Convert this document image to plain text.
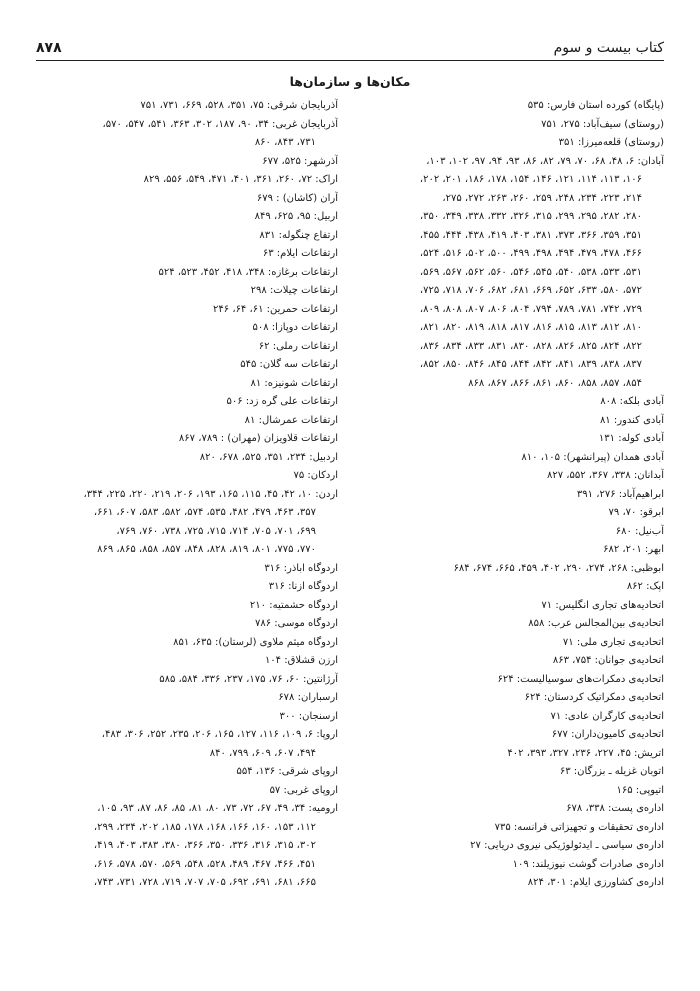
کتاب بیست و سوم
۸۷۸
مکان‌ها و سازمان‌ها
(پایگاه) کورده استان فارس: ۵۳۵
(روستای) سیف‌آباد: ۲۷۵، ۷۵۱
(روستای) قلعه‌میرزا: ۳۵۱
آبادان: ۶، ۴۸، ۶۸، ۷۰، ۷۹، ۸۲، ۸۶، ۹۳، ۹۴، ۹۷، ۱۰۲، ۱۰۳،
۱۰۶، ۱۱۳، ۱۱۴، ۱۲۱، ۱۴۶، ۱۵۴، ۱۷۸، ۱۸۶، ۲۰۱، ۲۰۲،
۲۱۴، ۲۲۳، ۲۳۴، ۲۴۸، ۲۵۹، ۲۶۰، ۲۶۳، ۲۷۲، ۲۷۵،
۲۸۰، ۲۸۲، ۲۹۵، ۲۹۹، ۳۱۵، ۳۲۶، ۳۳۲، ۳۳۸، ۳۴۹، ۳۵۰،
۳۵۱، ۳۵۹، ۳۶۶، ۳۷۳، ۳۸۱، ۴۰۳، ۴۱۹، ۴۳۸، ۴۴۴، ۴۵۵،
۴۶۶، ۴۷۸، ۴۷۹، ۴۹۴، ۴۹۸، ۴۹۹، ۵۰۰، ۵۰۲، ۵۱۶، ۵۲۴،
۵۳۱، ۵۳۳، ۵۳۸، ۵۴۰، ۵۴۵، ۵۴۶، ۵۶۰، ۵۶۲، ۵۶۷، ۵۶۹،
۵۷۲، ۵۸۰، ۶۳۳، ۶۵۲، ۶۶۹، ۶۸۱، ۶۸۲، ۷۰۶، ۷۱۸، ۷۲۵،
۷۲۹، ۷۴۲، ۷۸۱، ۷۸۹، ۷۹۴، ۸۰۴، ۸۰۶، ۸۰۷، ۸۰۸، ۸۰۹،
۸۱۰، ۸۱۲، ۸۱۳، ۸۱۵، ۸۱۶، ۸۱۷، ۸۱۸، ۸۱۹، ۸۲۰، ۸۲۱،
۸۲۲، ۸۲۴، ۸۲۵، ۸۲۶، ۸۲۸، ۸۳۰، ۸۳۱، ۸۳۳، ۸۳۴، ۸۳۶،
۸۳۷، ۸۳۸، ۸۳۹، ۸۴۱، ۸۴۲، ۸۴۴، ۸۴۵، ۸۴۶، ۸۵۰، ۸۵۲،
۸۵۴، ۸۵۷، ۸۵۸، ۸۶۰، ۸۶۱، ۸۶۶، ۸۶۷، ۸۶۸
آبادی بلکه: ۸۰۸
آبادی کندور: ۸۱
آبادی کوله: ۱۳۱
آبادی همدان (پیرانشهر): ۱۰۵، ۸۱۰
آبدانان: ۳۳۸، ۳۶۷، ۵۵۲، ۸۲۷
ابراهیم‌آباد: ۲۷۶، ۳۹۱
ابرقو: ۷۰، ۷۹
آب‌نیل: ۶۸۰
ابهر: ۲۰۱، ۶۸۲
ابوظبی: ۲۶۸، ۲۷۴، ۲۹۰، ۴۰۲، ۴۵۹، ۶۶۵، ۶۷۴، ۶۸۴
اپک: ۸۶۲
اتحادیه‌های تجاری انگلیس: ۷۱
اتحادیه‌ی بین‌المجالس عرب: ۸۵۸
اتحادیه‌ی تجاری ملی: ۷۱
اتحادیه‌ی جوانان: ۷۵۴، ۸۶۳
اتحادیه‌ی دمکرات‌های سوسیالیست: ۶۲۴
اتحادیه‌ی دمکراتیک کردستان: ۶۲۴
اتحادیه‌ی کارگران عادی: ۷۱
اتحادیه‌ی کامیون‌داران: ۶۷۷
اتریش: ۴۵، ۲۲۷، ۲۳۶، ۳۲۷، ۳۹۳، ۴۰۲
اتوبان غزیله ـ بزرگان: ۶۳
اتیوپی: ۱۶۵
اداره‌ی پست: ۳۳۸، ۶۷۸
اداره‌ی تحقیقات و تجهیزاتی فرانسه: ۷۳۵
اداره‌ی سیاسی ـ ایدئولوژیکی نیروی دریایی: ۲۷
اداره‌ی صادرات گوشت نیوزیلند: ۱۰۹
اداره‌ی کشاورزی ایلام: ۳۰۱، ۸۲۴
آذربایجان شرقی: ۷۵، ۳۵۱، ۵۲۸، ۶۶۹، ۷۳۱، ۷۵۱
آذربایجان غربی: ۳۴، ۹۰، ۱۸۷، ۳۰۲، ۳۶۳، ۵۴۱، ۵۴۷، ۵۷۰،
۷۳۱، ۸۴۳، ۸۶۰
آذرشهر: ۵۲۵، ۶۷۷
اراک: ۷۲، ۲۶۰، ۳۶۱، ۴۰۱، ۴۷۱، ۵۴۹، ۵۵۶، ۸۲۹
آران (کاشان) : ۶۷۹
اربیل: ۹۵، ۶۲۵، ۸۴۹
ارتفاع چنگوله: ۸۳۱
ارتفاعات ایلام: ۶۳
ارتفاعات برغازه: ۳۴۸، ۴۱۸، ۴۵۲، ۵۲۳، ۵۲۴
ارتفاعات چیلات: ۲۹۸
ارتفاعات حمرین: ۶۱، ۶۴، ۲۴۶
ارتفاعات دوپازا: ۵۰۸
ارتفاعات رملی: ۶۲
ارتفاعات سه گلان: ۵۴۵
ارتفاعات شونیزه: ۸۱
ارتفاعات علی گره زد: ۵۰۶
ارتفاعات عمرشال: ۸۱
ارتفاعات قلاویزان (مهران) : ۷۸۹، ۸۶۷
اردبیل: ۲۳۴، ۳۵۱، ۵۲۵، ۶۷۸، ۸۲۰
اردکان: ۷۵
اردن: ۱۰، ۴۲، ۴۵، ۱۱۵، ۱۶۵، ۱۹۳، ۲۰۶، ۲۱۹، ۲۲۰، ۲۲۵، ۳۴۴،
۳۵۷، ۴۶۳، ۴۷۹، ۴۸۲، ۵۳۵، ۵۷۴، ۵۸۲، ۵۸۳، ۶۰۷، ۶۶۱،
۶۹۹، ۷۰۱، ۷۰۵، ۷۱۴، ۷۱۵، ۷۲۵، ۷۳۸، ۷۶۰، ۷۶۹،
۷۷۰، ۷۷۵، ۸۰۱، ۸۱۹، ۸۲۸، ۸۴۸، ۸۵۷، ۸۵۸، ۸۶۵، ۸۶۹
اردوگاه اباذر: ۳۱۶
اردوگاه ازنا: ۳۱۶
اردوگاه حشمتیه: ۲۱۰
اردوگاه موسی: ۷۸۶
اردوگاه میثم ملاوی (لرستان): ۶۳۵، ۸۵۱
ارزن قشلاق: ۱۰۴
آرژانتین: ۶۰، ۷۶، ۱۷۵، ۲۳۷، ۳۳۶، ۵۸۴، ۵۸۵
ارسباران: ۶۷۸
ارسنجان: ۳۰۰
اروپا: ۶، ۱۰۹، ۱۱۶، ۱۲۷، ۱۶۵، ۲۰۶، ۲۳۵، ۲۵۲، ۳۰۶، ۴۸۳،
۴۹۴، ۶۰۷، ۶۰۹، ۷۹۹، ۸۴۰
اروپای شرقی: ۱۳۶، ۵۵۴
اروپای غربی: ۵۷
ارومیه: ۳۴، ۴۹، ۶۷، ۷۲، ۷۳، ۸۰، ۸۱، ۸۵، ۸۶، ۸۷، ۹۳، ۱۰۵،
۱۱۲، ۱۵۳، ۱۶۰، ۱۶۶، ۱۶۸، ۱۷۸، ۱۸۵، ۲۰۲، ۲۳۴، ۲۹۹،
۳۰۲، ۳۱۵، ۳۱۶، ۳۳۶، ۳۵۰، ۳۶۶، ۳۸۰، ۳۸۳، ۴۰۳، ۴۱۹،
۴۵۱، ۴۶۶، ۴۶۷، ۴۸۹، ۵۲۸، ۵۴۸، ۵۶۹، ۵۷۰، ۵۷۸، ۶۱۶،
۶۶۵، ۶۸۱، ۶۹۱، ۶۹۲، ۷۰۵، ۷۰۷، ۷۱۹، ۷۲۸، ۷۳۱، ۷۴۳،
